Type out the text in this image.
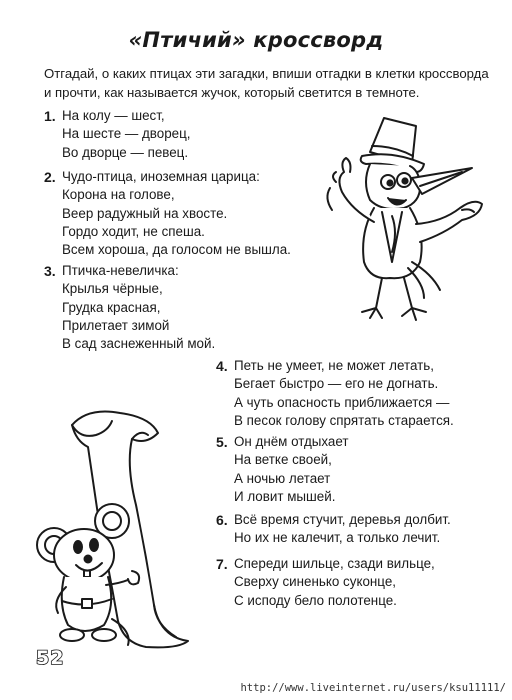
«Птичий» кроссворд
Отгадай, о каких птицах эти загадки, впиши отгадки в клетки кроссворда и прочти, как называется жучок, который светится в темноте.
1. На колу — шест,
На шесте — дворец,
Во дворце — певец.
2. Чудо-птица, иноземная царица:
Корона на голове,
Веер радужный на хвосте.
Гордо ходит, не спеша.
Всем хороша, да голосом не вышла.
3. Птичка-невеличка:
Крылья чёрные,
Грудка красная,
Прилетает зимой
В сад заснеженный мой.
4. Петь не умеет, не может летать,
Бегает быстро — его не догнать.
А чуть опасность приближается —
В песок голову спрятать старается.
5. Он днём отдыхает
На ветке своей,
А ночью летает
И ловит мышей.
6. Всё время стучит, деревья долбит.
Но их не калечит, а только лечит.
7. Спереди шильце, сзади вильце,
Сверху синенько суконце,
С исподу бело полотенце.
52
http://www.liveinternet.ru/users/ksu11111/
